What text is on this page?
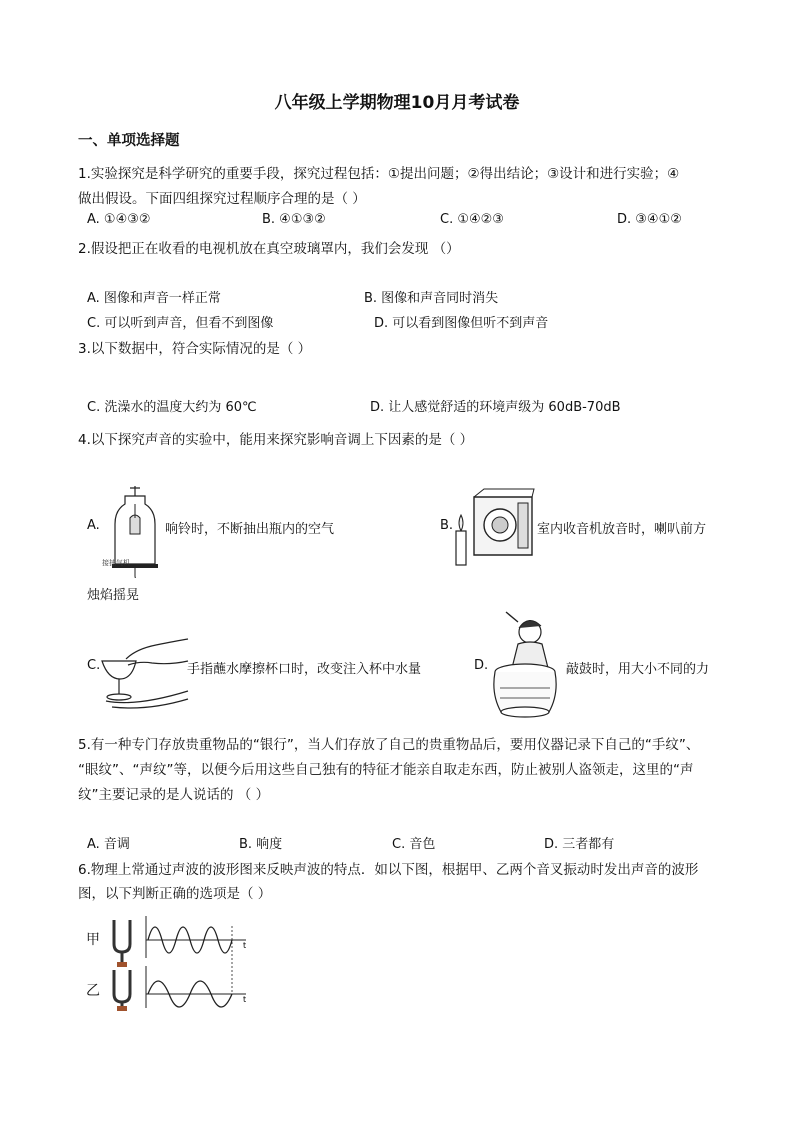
八年级上学期物理10月月考试卷
一、单项选择题
1.实验探究是科学研究的重要手段，探究过程包括：①提出问题；②得出结论；③设计和进行实验；④
做出假设。下面四组探究过程顺序合理的是（ ）
A. ①④③②	B. ④①③②	C. ①④②③	D. ③④①②
2.假设把正在收看的电视机放在真空玻璃罩内，我们会发现 （）
A. 图像和声音一样正常	B. 图像和声音同时消失
C. 可以听到声音，但看不到图像	D. 可以看到图像但听不到声音
3.以下数据中，符合实际情况的是（ ）
C. 洗澡水的温度大约为 60℃	D. 让人感觉舒适的环境声级为 60dB-70dB
4.以下探究声音的实验中，能用来探究影响音调上下因素的是（ ）
A.
接抽气机
响铃时，不断抽出瓶内的空气	B.	室内收音机放音时，喇叭前方
烛焰摇晃
C.	手指蘸水摩擦杯口时，改变注入杯中水量	D.	敲鼓时，用大小不同的力
5.有一种专门存放贵重物品的“银行”，当人们存放了自己的贵重物品后，要用仪器记录下自己的“手纹”、
“眼纹”、“声纹”等，以便今后用这些自己独有的特征才能亲自取走东西，防止被别人盗领走，这里的“声
纹”主要记录的是人说话的 （ ）
A. 音调	B. 响度	C. 音色	D. 三者都有
6.物理上常通过声波的波形图来反映声波的特点．如以下图，根据甲、乙两个音叉振动时发出声音的波形
图，以下判断正确的选项是（ ）
甲
乙
t
t
